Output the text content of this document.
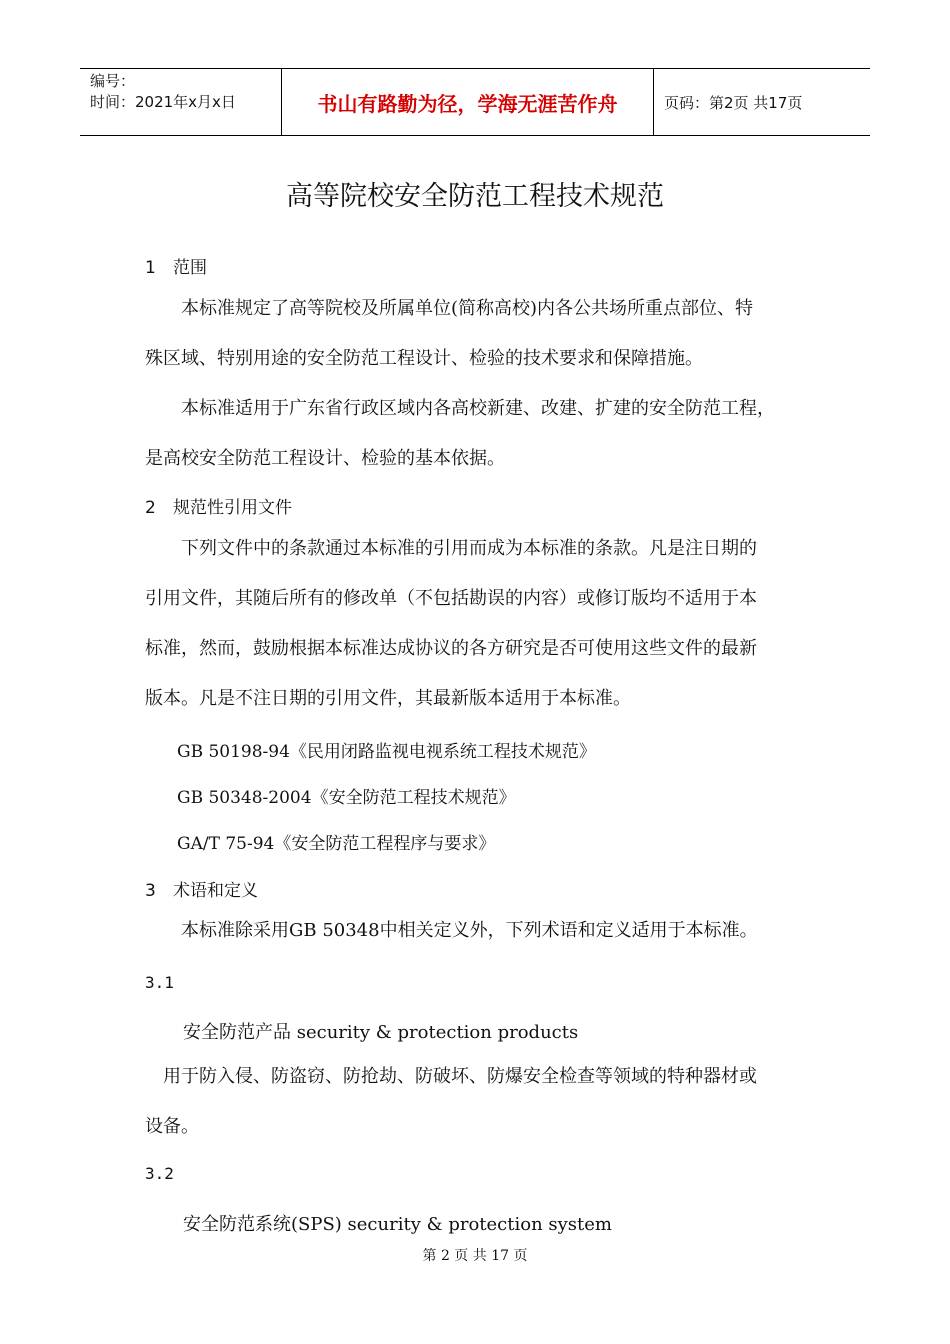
编号：
时间：2021年x月x日	书山有路勤为径，学海无涯苦作舟	页码：第2页 共17页
高等院校安全防范工程技术规范
1 范围

本标准规定了高等院校及所属单位(简称高校)内各公共场所重点部位、特

殊区域、特别用途的安全防范工程设计、检验的技术要求和保障措施。

本标准适用于广东省行政区域内各高校新建、改建、扩建的安全防范工程，

是高校安全防范工程设计、检验的基本依据。

2 规范性引用文件

下列文件中的条款通过本标准的引用而成为本标准的条款。凡是注日期的

引用文件，其随后所有的修改单（不包括勘误的内容）或修订版均不适用于本

标准，然而，鼓励根据本标准达成协议的各方研究是否可使用这些文件的最新

版本。凡是不注日期的引用文件，其最新版本适用于本标准。

GB 50198-94《民用闭路监视电视系统工程技术规范》
GB 50348-2004《安全防范工程技术规范》
GA/T 75-94《安全防范工程程序与要求》
3 术语和定义

本标准除采用GB 50348中相关定义外，下列术语和定义适用于本标准。

3.1
安全防范产品 security & protection products

用于防入侵、防盗窃、防抢劫、防破坏、防爆安全检查等领域的特种器材或

设备。

3.2
安全防范系统(SPS) security & protection system
第 2 页 共 17 页
